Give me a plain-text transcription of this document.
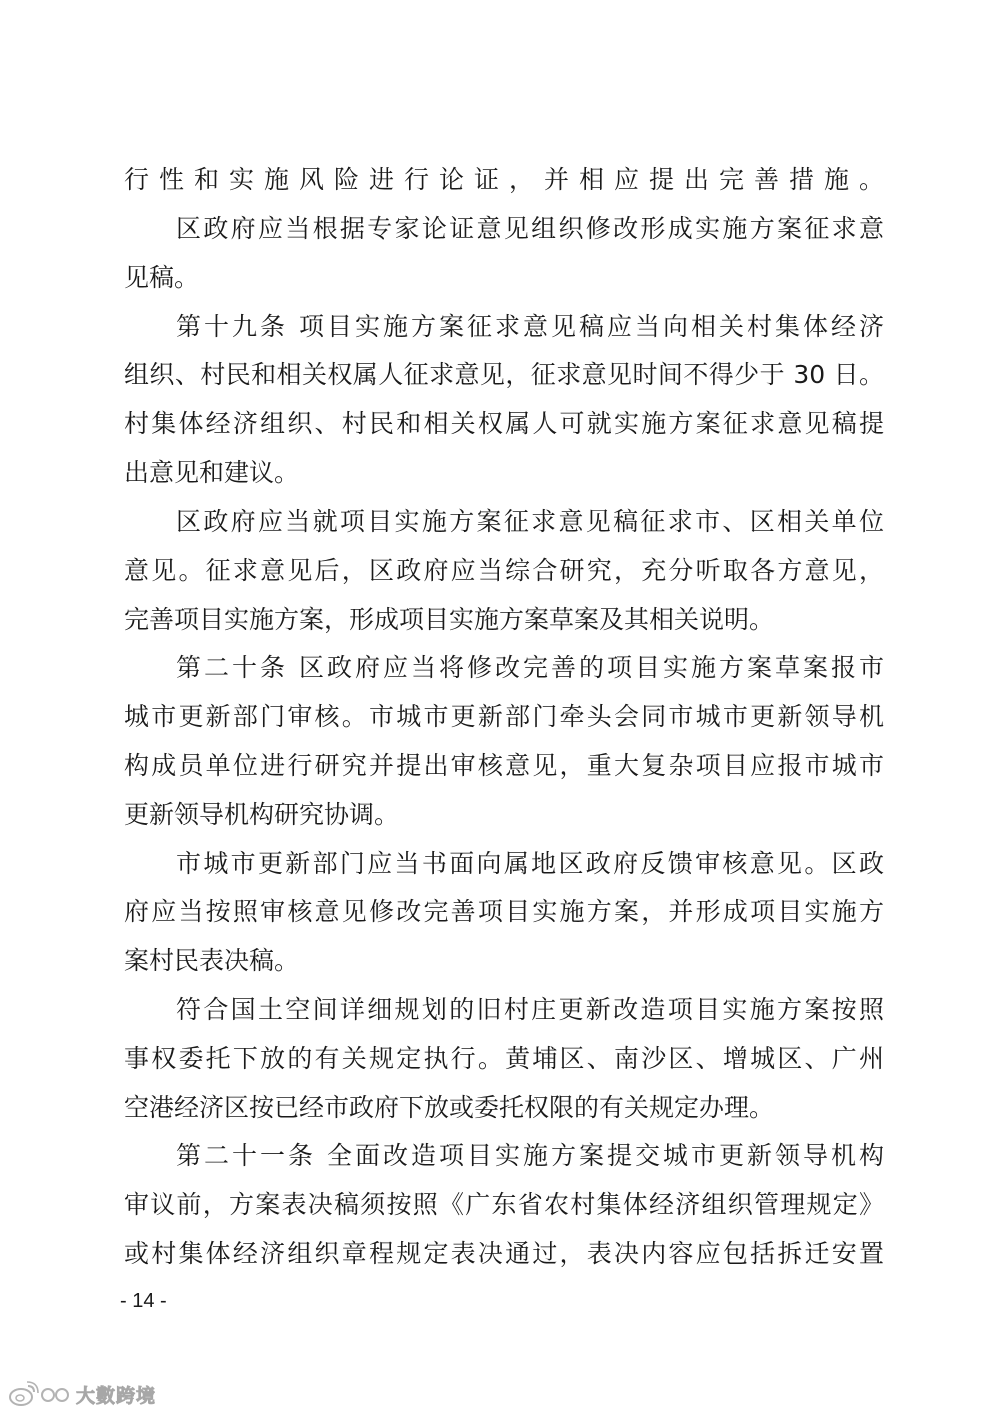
行性和实施风险进行论证，并相应提出完善措施。
区政府应当根据专家论证意见组织修改形成实施方案征求意
见稿。
第十九条 项目实施方案征求意见稿应当向相关村集体经济
组织、村民和相关权属人征求意见，征求意见时间不得少于 30 日。
村集体经济组织、村民和相关权属人可就实施方案征求意见稿提
出意见和建议。
区政府应当就项目实施方案征求意见稿征求市、区相关单位
意见。征求意见后，区政府应当综合研究，充分听取各方意见，
完善项目实施方案，形成项目实施方案草案及其相关说明。
第二十条 区政府应当将修改完善的项目实施方案草案报市
城市更新部门审核。市城市更新部门牵头会同市城市更新领导机
构成员单位进行研究并提出审核意见，重大复杂项目应报市城市
更新领导机构研究协调。
市城市更新部门应当书面向属地区政府反馈审核意见。区政
府应当按照审核意见修改完善项目实施方案，并形成项目实施方
案村民表决稿。
符合国土空间详细规划的旧村庄更新改造项目实施方案按照
事权委托下放的有关规定执行。黄埔区、南沙区、增城区、广州
空港经济区按已经市政府下放或委托权限的有关规定办理。
第二十一条 全面改造项目实施方案提交城市更新领导机构
审议前，方案表决稿须按照《广东省农村集体经济组织管理规定》
或村集体经济组织章程规定表决通过，表决内容应包括拆迁安置
- 14 -
大數跨境
